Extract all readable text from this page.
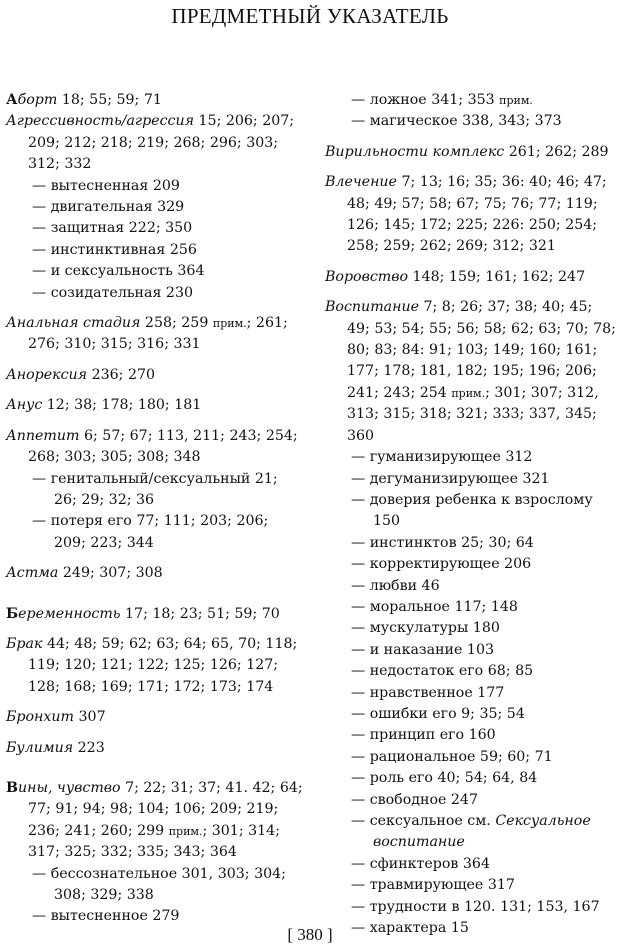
ПРЕДМЕТНЫЙ УКАЗАТЕЛЬ
Аборт 18; 55; 59; 71
Агрессивность/агрессия 15; 206; 207; 209; 212; 218; 219; 268; 296; 303; 312; 332
— вытесненная 209
— двигательная 329
— защитная 222; 350
— инстинктивная 256
— и сексуальность 364
— созидательная 230
Анальная стадия 258; 259 прим.; 261; 276; 310; 315; 316; 331
Анорексия 236; 270
Анус 12; 38; 178; 180; 181
Аппетит 6; 57; 67; 113, 211; 243; 254; 268; 303; 305; 308; 348
— генитальный/сексуальный 21; 26; 29; 32; 36
— потеря его 77; 111; 203; 206; 209; 223; 344
Астма 249; 307; 308
Беременность 17; 18; 23; 51; 59; 70
Брак 44; 48; 59; 62; 63; 64; 65, 70; 118; 119; 120; 121; 122; 125; 126; 127; 128; 168; 169; 171; 172; 173; 174
Бронхит 307
Булимия 223
Вины, чувство 7; 22; 31; 37; 41. 42; 64; 77; 91; 94; 98; 104; 106; 209; 219; 236; 241; 260; 299 прим.; 301; 314; 317; 325; 332; 335; 343; 364
— бессознательное 301, 303; 304; 308; 329; 338
— вытесненное 279
— ложное 341; 353 прим.
— магическое 338, 343; 373
Вирильности комплекс 261; 262; 289
Влечение 7; 13; 16; 35; 36: 40; 46; 47; 48; 49; 57; 58; 67; 75; 76; 77; 119; 126; 145; 172; 225; 226: 250; 254; 258; 259; 262; 269; 312; 321
Воровство 148; 159; 161; 162; 247
Воспитание 7; 8; 26; 37; 38; 40; 45; 49; 53; 54; 55; 56; 58; 62; 63; 70; 78; 80; 83; 84: 91; 103; 149; 160; 161; 177; 178; 181, 182; 195; 196; 206; 241; 243; 254 прим.; 301; 307; 312, 313; 315; 318; 321; 333; 337, 345; 360
— гуманизирующее 312
— дегуманизирующее 321
— доверия ребенка к взрослому 150
— инстинктов 25; 30; 64
— корректирующее 206
— любви 46
— моральное 117; 148
— мускулатуры 180
— и наказание 103
— недостаток его 68; 85
— нравственное 177
— ошибки его 9; 35; 54
— принцип его 160
— рациональное 59; 60; 71
— роль его 40; 54; 64, 84
— свободное 247
— сексуальное см. Сексуальное воспитание
— сфинктеров 364
— травмирующее 317
— трудности в 120. 131; 153, 167
— характера 15
[ 380 ]
